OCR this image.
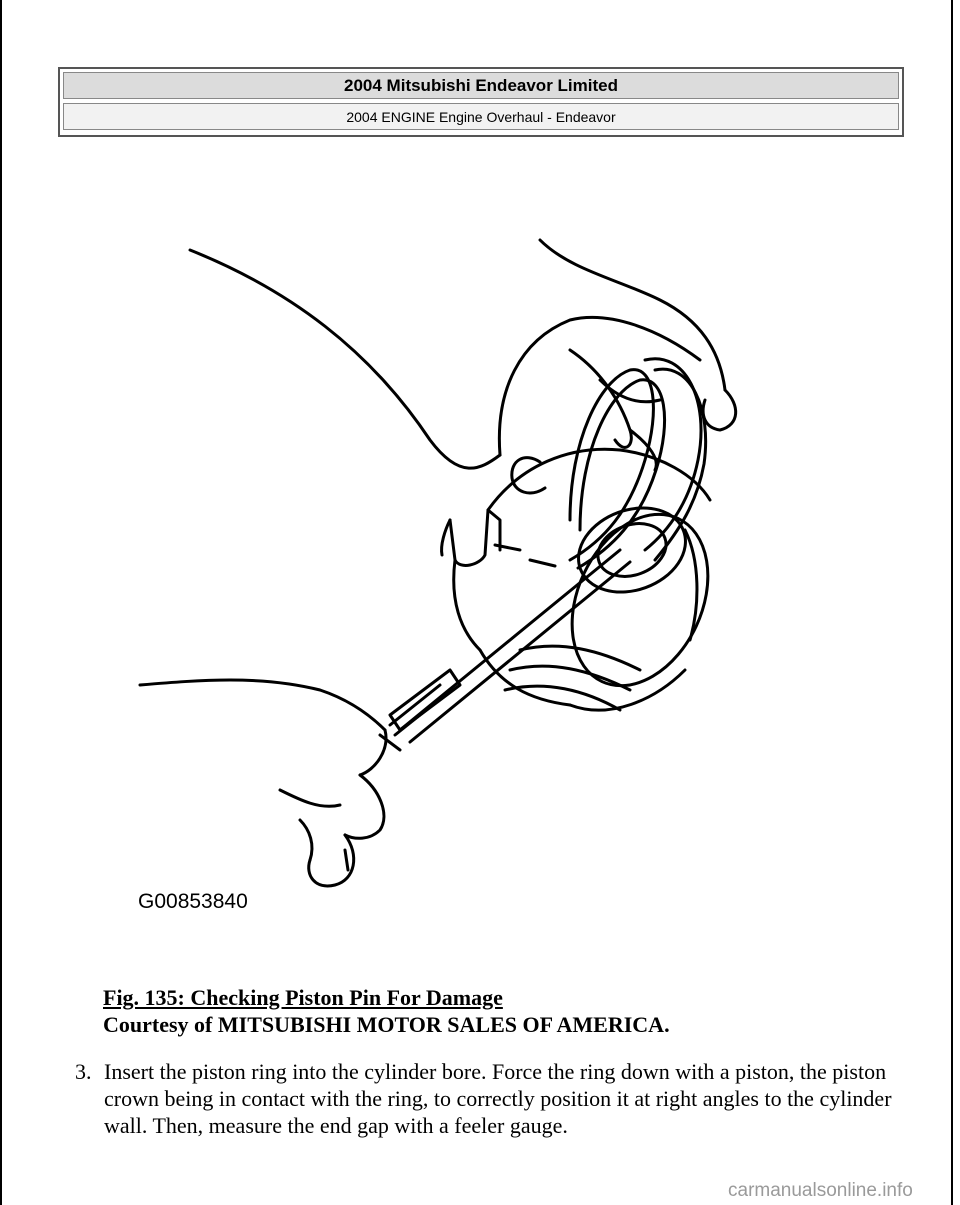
2004 Mitsubishi Endeavor Limited
2004 ENGINE Engine Overhaul - Endeavor
G00853840
Fig. 135: Checking Piston Pin For Damage
Courtesy of MITSUBISHI MOTOR SALES OF AMERICA.
3. Insert the piston ring into the cylinder bore. Force the ring down with a piston, the piston crown being in contact with the ring, to correctly position it at right angles to the cylinder wall. Then, measure the end gap with a feeler gauge.
carmanualsonline.info
